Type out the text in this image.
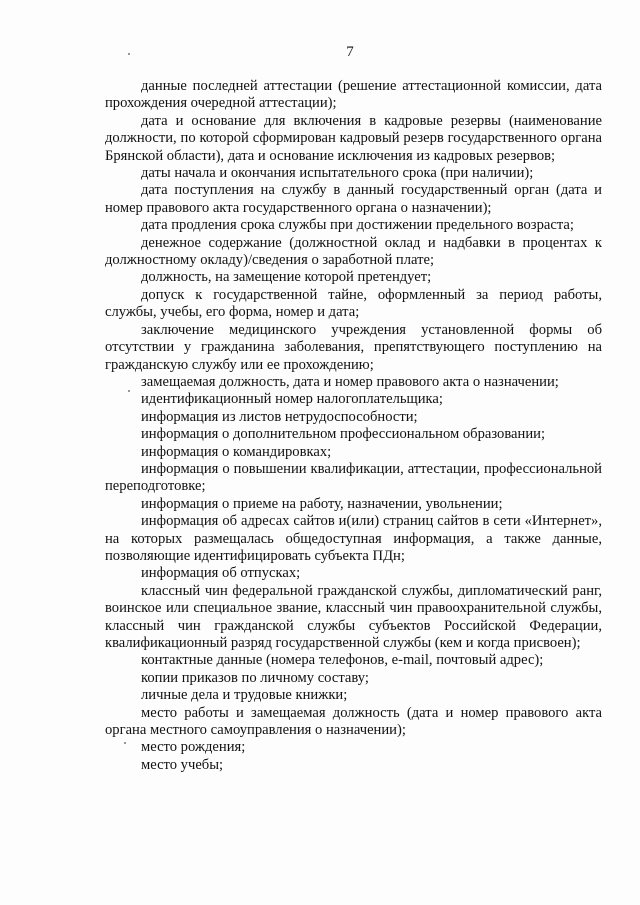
7

данные последней аттестации (решение аттестационной комиссии, дата прохождения очередной аттестации);

дата и основание для включения в кадровые резервы (наименование должности, по которой сформирован кадровый резерв государственного органа Брянской области), дата и основание исключения из кадровых резервов;

даты начала и окончания испытательного срока (при наличии);

дата поступления на службу в данный государственный орган (дата и номер правового акта государственного органа о назначении);

дата продления срока службы при достижении предельного возраста;

денежное содержание (должностной оклад и надбавки в процентах к должностному окладу)/сведения о заработной плате;

должность, на замещение которой претендует;

допуск к государственной тайне, оформленный за период работы, службы, учебы, его форма, номер и дата;

заключение медицинского учреждения установленной формы об отсутствии у гражданина заболевания, препятствующего поступлению на гражданскую службу или ее прохождению;

замещаемая должность, дата и номер правового акта о назначении;

идентификационный номер налогоплательщика;

информация из листов нетрудоспособности;

информация о дополнительном профессиональном образовании;

информация о командировках;

информация о повышении квалификации, аттестации, профессиональной переподготовке;

информация о приеме на работу, назначении, увольнении;

информация об адресах сайтов и(или) страниц сайтов в сети «Интернет», на которых размещалась общедоступная информация, а также данные, позволяющие идентифицировать субъекта ПДн;

информация об отпусках;

классный чин федеральной гражданской службы, дипломатический ранг, воинское или специальное звание, классный чин правоохранительной службы, классный чин гражданской службы субъектов Российской Федерации, квалификационный разряд государственной службы (кем и когда присвоен);

контактные данные (номера телефонов, e-mail, почтовый адрес);

копии приказов по личному составу;

личные дела и трудовые книжки;

место работы и замещаемая должность (дата и номер правового акта органа местного самоуправления о назначении);

место рождения;

место учебы;
